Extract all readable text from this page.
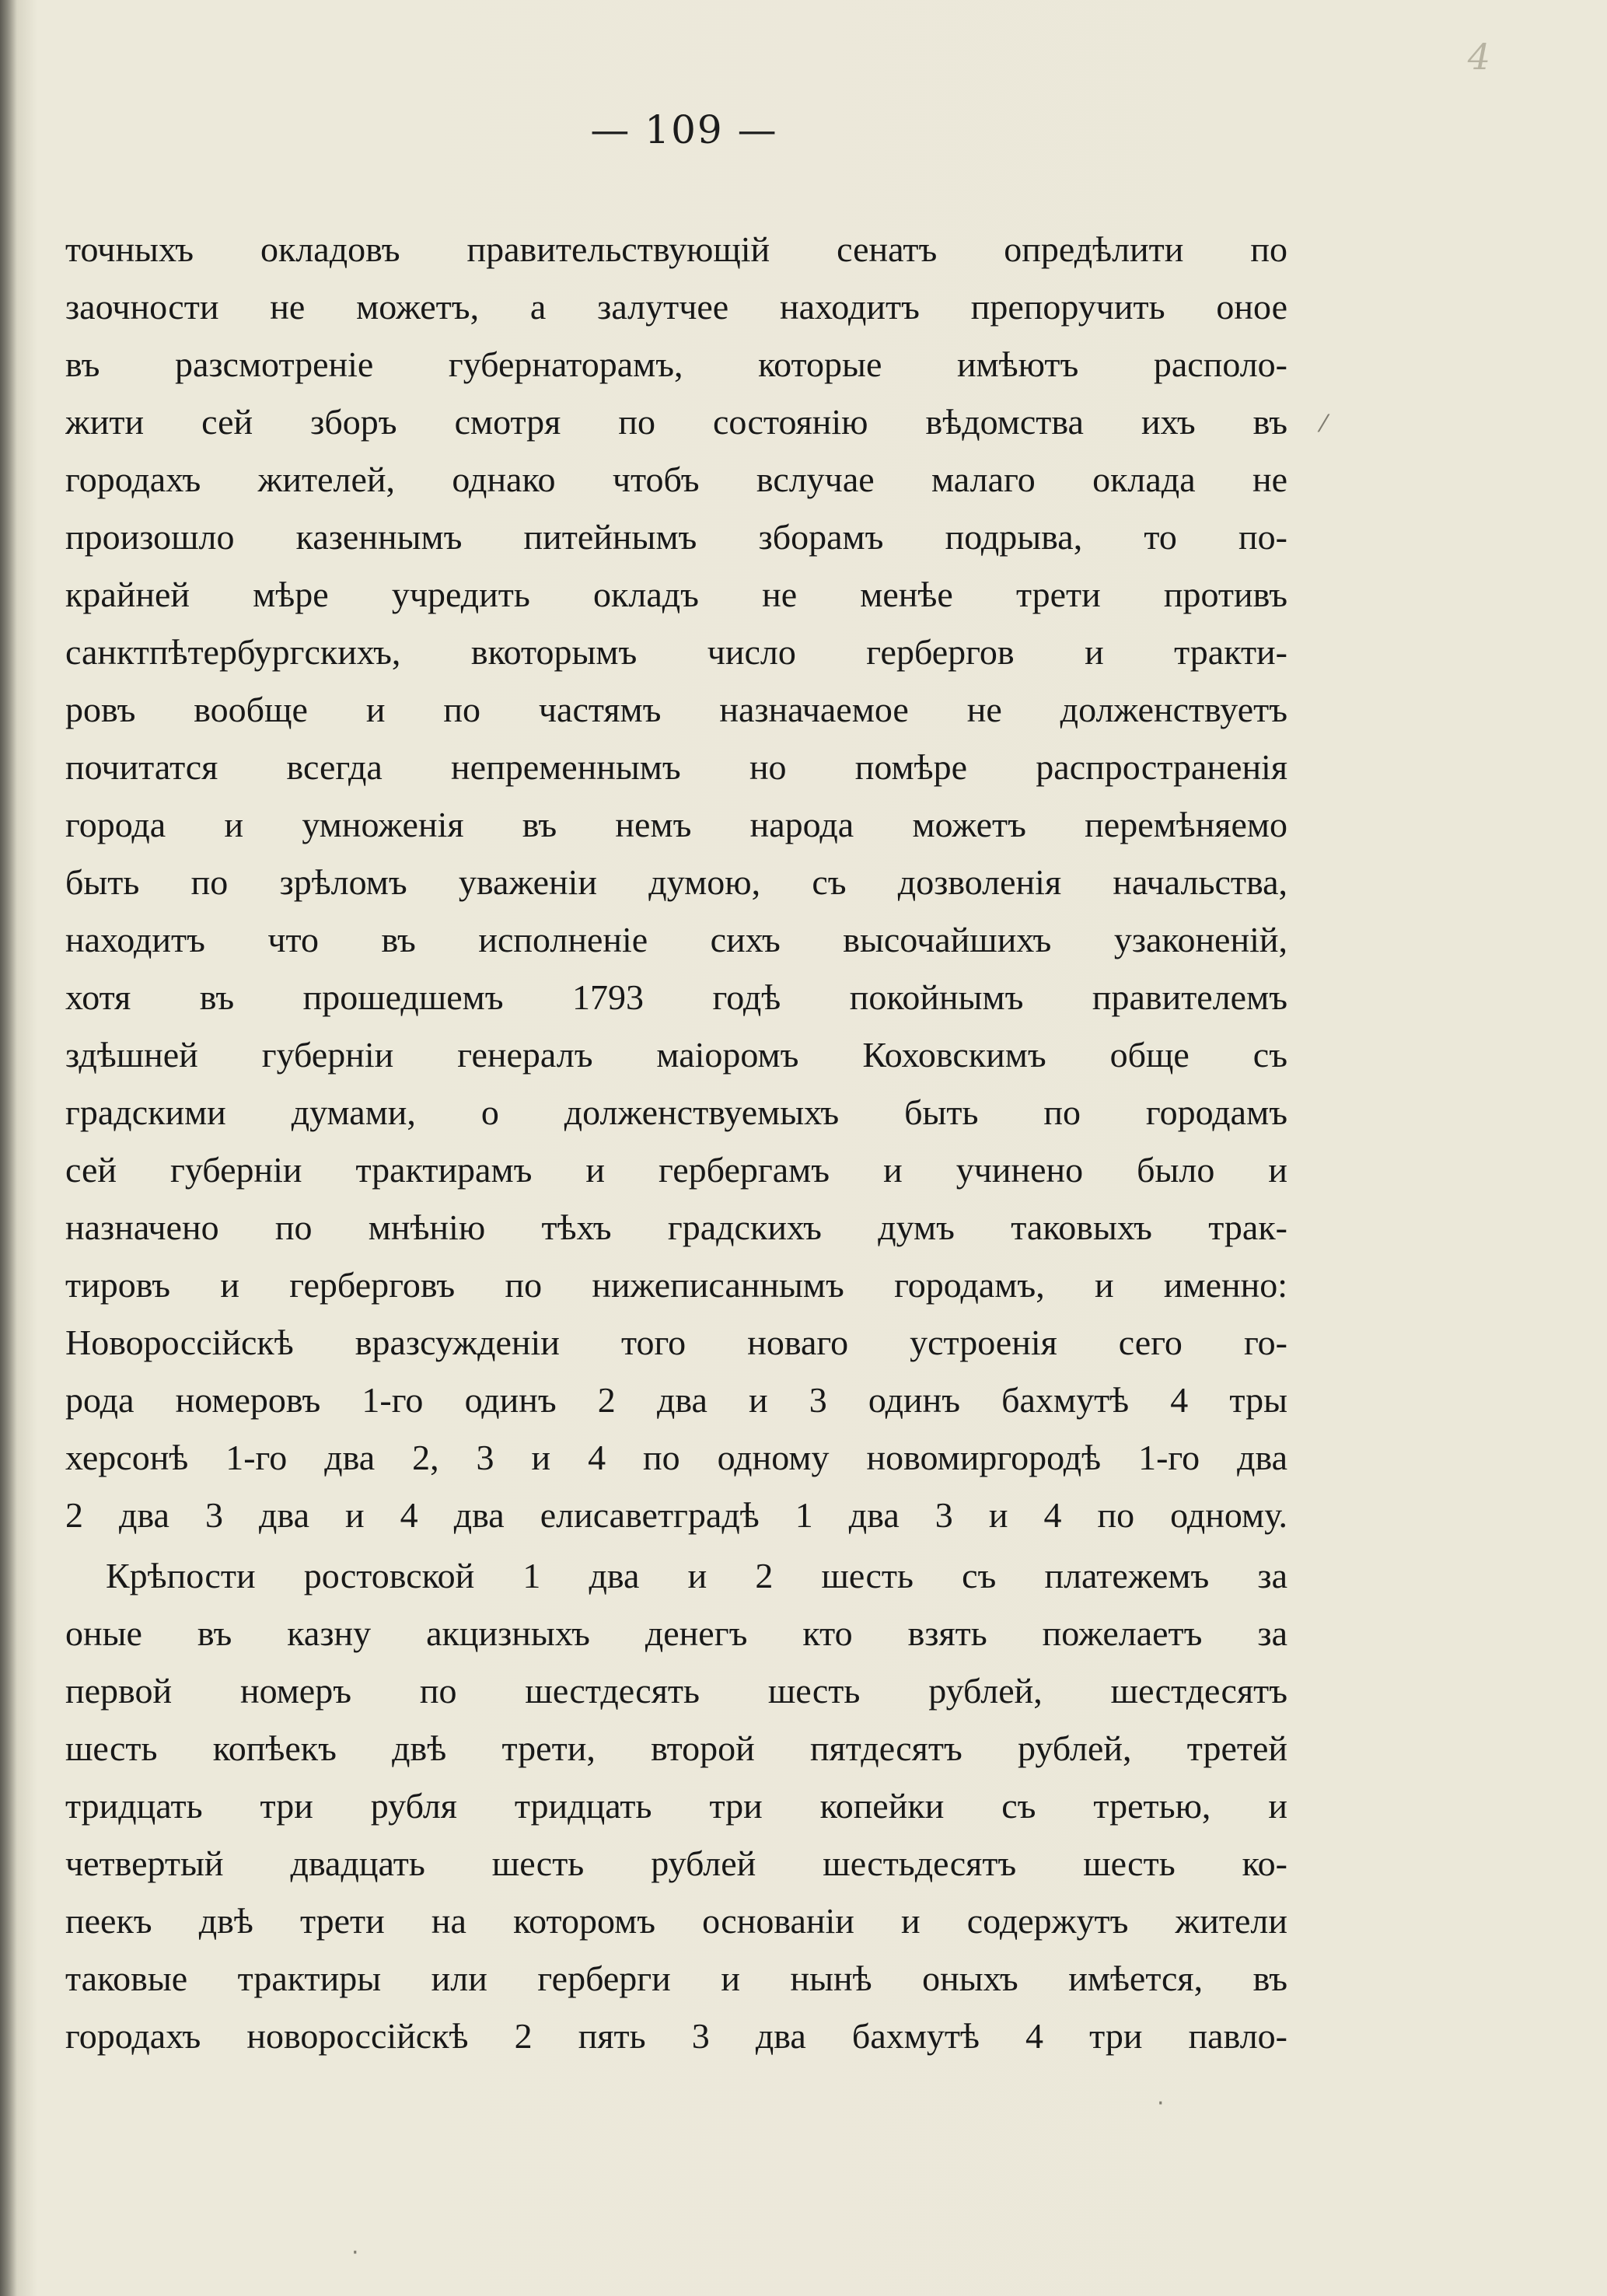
4
— 109 —
точныхъ окладовъ правительствующій сенатъ опредѣлити по
заочности не можетъ, а залутчее находитъ препоручить оное
въ разсмотреніе губернаторамъ, которые имѣютъ располо-
жити сей зборъ смотря по состоянію вѣдомства ихъ въ
городахъ жителей, однако чтобъ вслучае малаго оклада не
произошло казеннымъ питейнымъ зборамъ подрыва, то по-
крайней мѣре учредить окладъ не менѣе трети противъ
санктпѣтербургскихъ, вкоторымъ число гербергов и тракти-
ровъ вообще и по частямъ назначаемое не долженствуетъ
почитатся всегда непременнымъ но помѣре распространенія
города и умноженія въ немъ народа можетъ перемѣняемо
быть по зрѣломъ уваженіи думою, съ дозволенія начальства,
находитъ что въ исполненіе сихъ высочайшихъ узаконеній,
хотя въ прошедшемъ 1793 годѣ покойнымъ правителемъ
здѣшней губерніи генералъ маіоромъ Коховскимъ обще съ
градскими думами, о долженствуемыхъ быть по городамъ
сей губерніи трактирамъ и гербергамъ и учинено было и
назначено по мнѣнію тѣхъ градскихъ думъ таковыхъ трак-
тировъ и герберговъ по нижеписаннымъ городамъ, и именно:
Новороссійскѣ вразсужденіи того новаго устроенія сего го-
рода номеровъ 1-го одинъ 2 два и 3 одинъ бахмутѣ 4 тры
херсонѣ 1-го два 2, 3 и 4 по одному новомиргородѣ 1-го два
2 два 3 два и 4 два елисаветградѣ 1 два 3 и 4 по одному.
Крѣпости ростовской 1 два и 2 шесть съ платежемъ за
оные въ казну акцизныхъ денегъ кто взять пожелаетъ за
первой номеръ по шестдесять шесть рублей, шестдесятъ
шесть копѣекъ двѣ трети, второй пятдесятъ рублей, третей
тридцать три рубля тридцать три копейки съ третью, и
четвертый двадцать шесть рублей шестьдесятъ шесть ко-
пеекъ двѣ трети на которомъ основаніи и содержутъ жители
таковые трактиры или герберги и нынѣ оныхъ имѣется, въ
городахъ новороссійскѣ 2 пять 3 два бахмутѣ 4 три павло-
⁄
·
·
